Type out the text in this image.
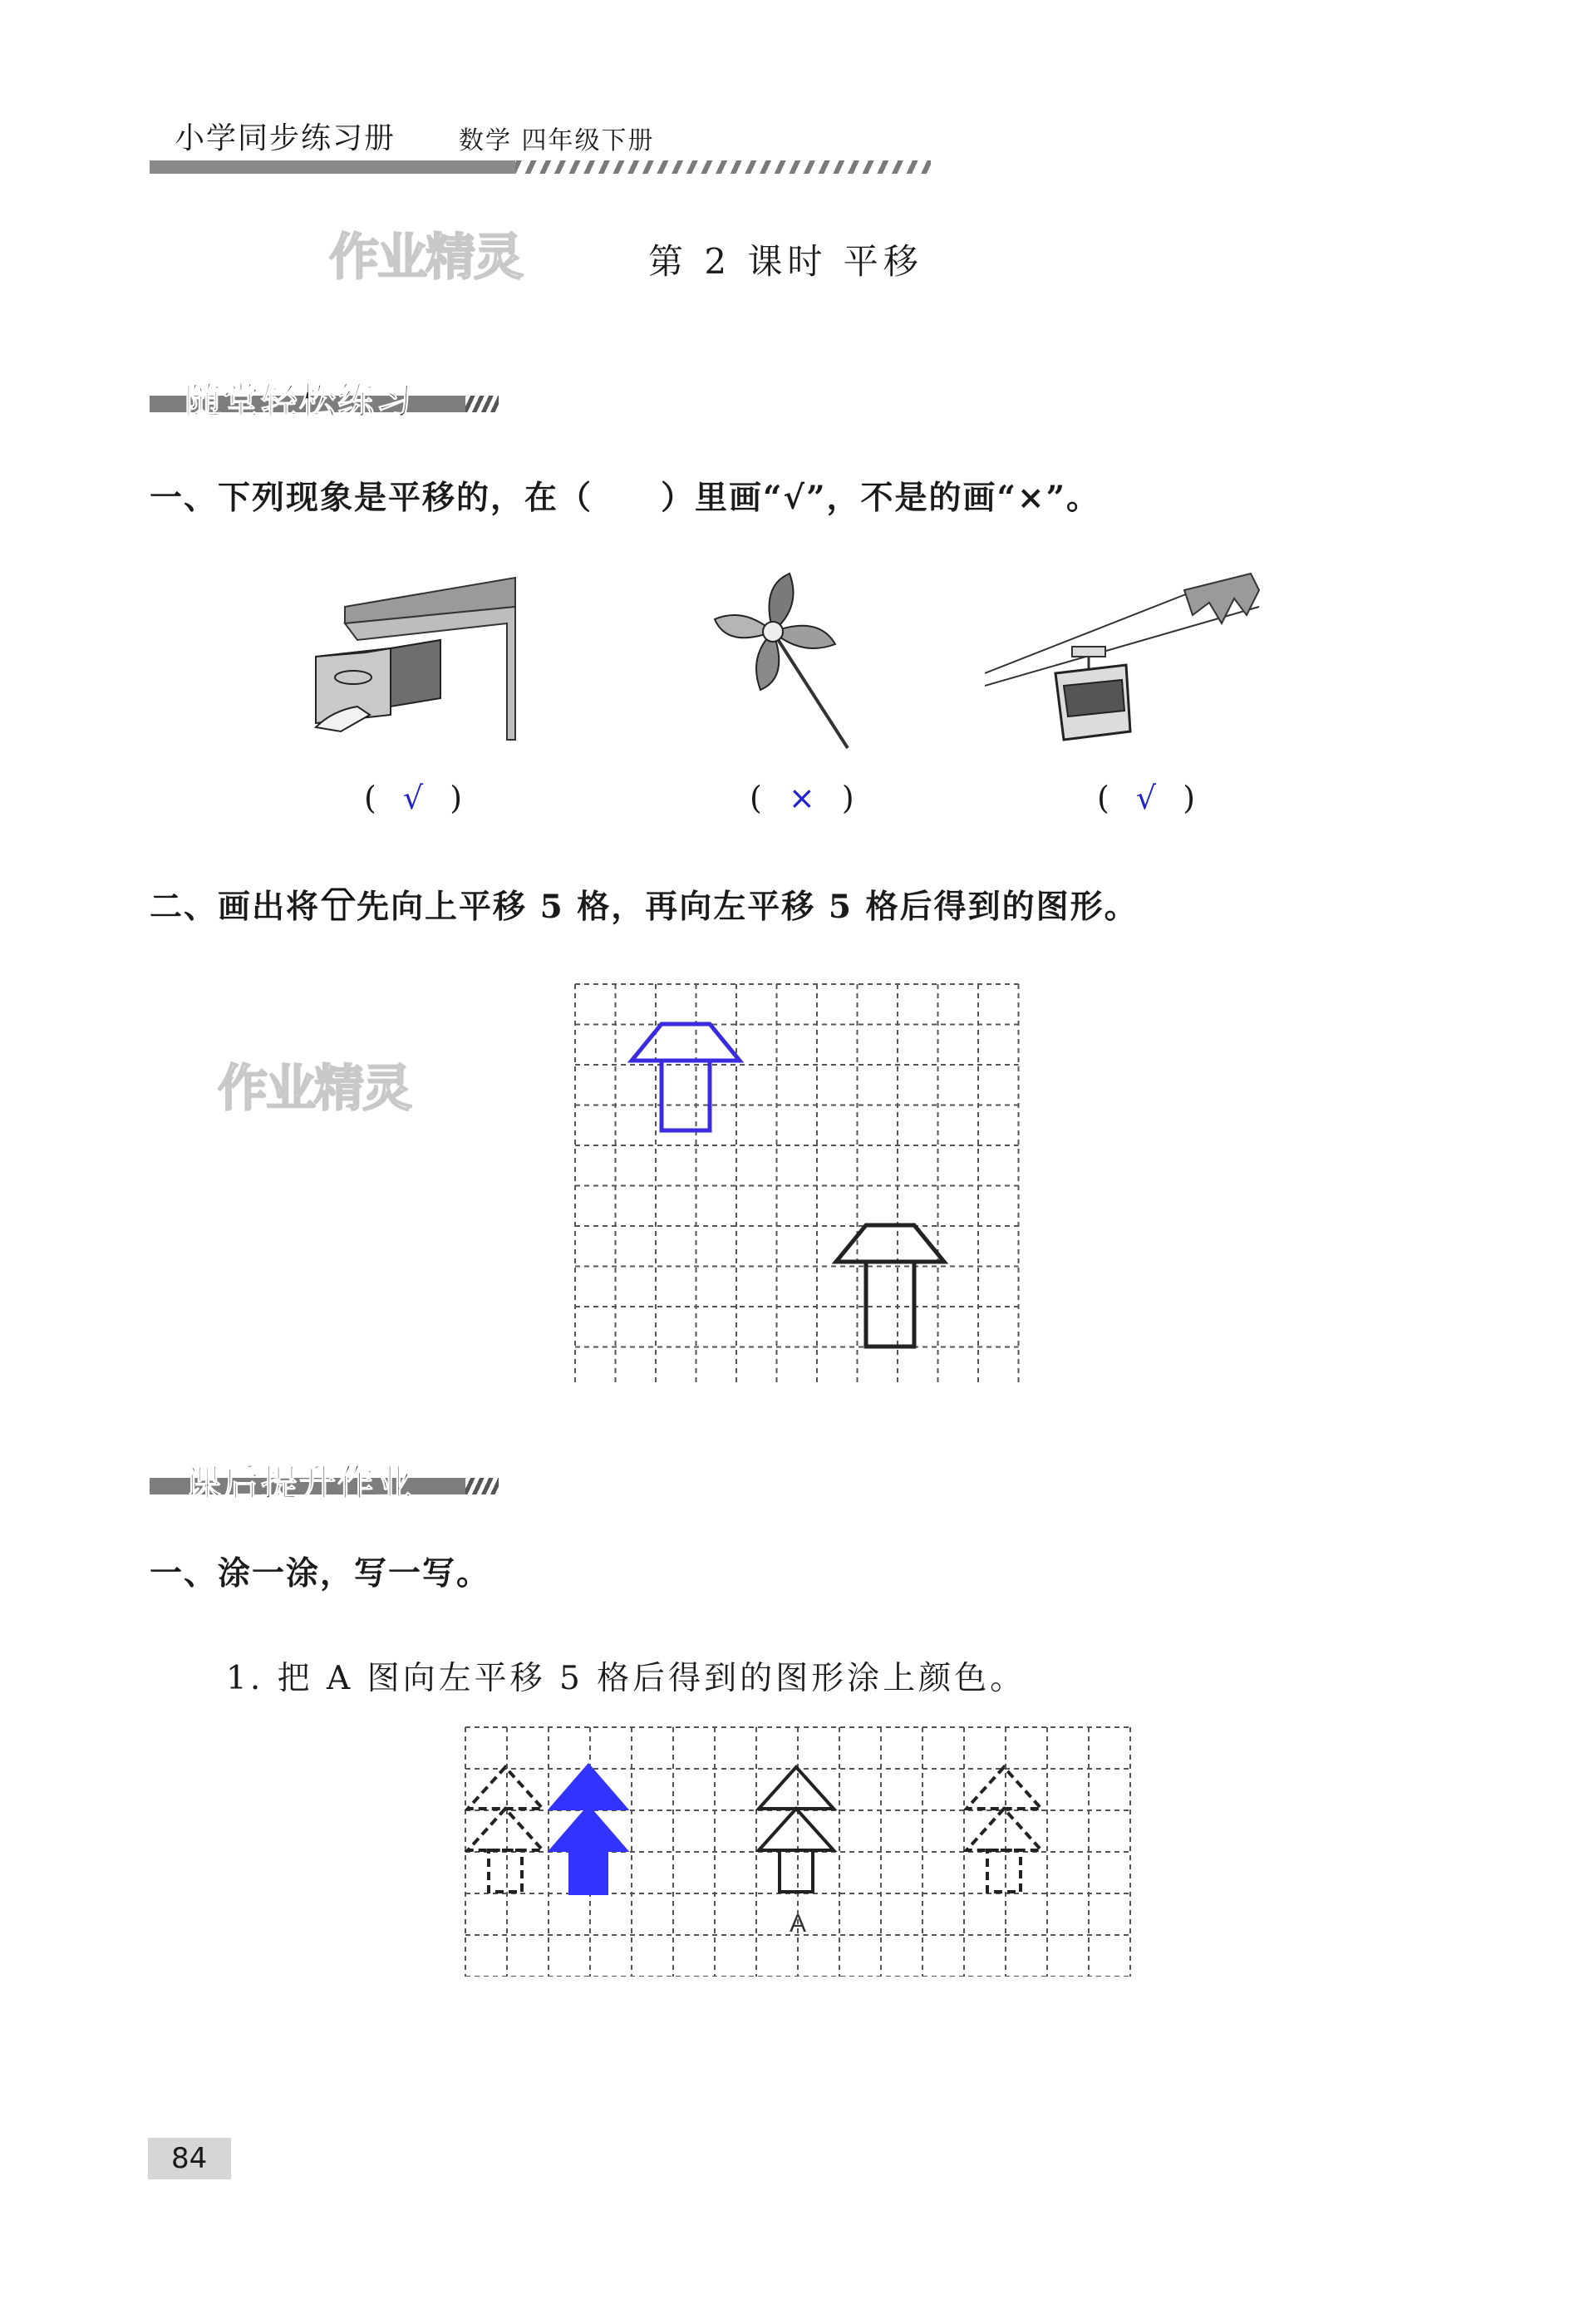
小学同步练习册	数学 四年级下册
作业精灵
作业精灵
第 2 课时 平移
随堂轻松练习
一、下列现象是平移的，在（　　）里画“√”，不是的画“×”。
( √ )	( × )	( √ )
二、画出将 先向上平移 5 格，再向左平移 5 格后得到的图形。
课后提升作业
一、涂一涂，写一写。
1. 把 A 图向左平移 5 格后得到的图形涂上颜色。
A
84
